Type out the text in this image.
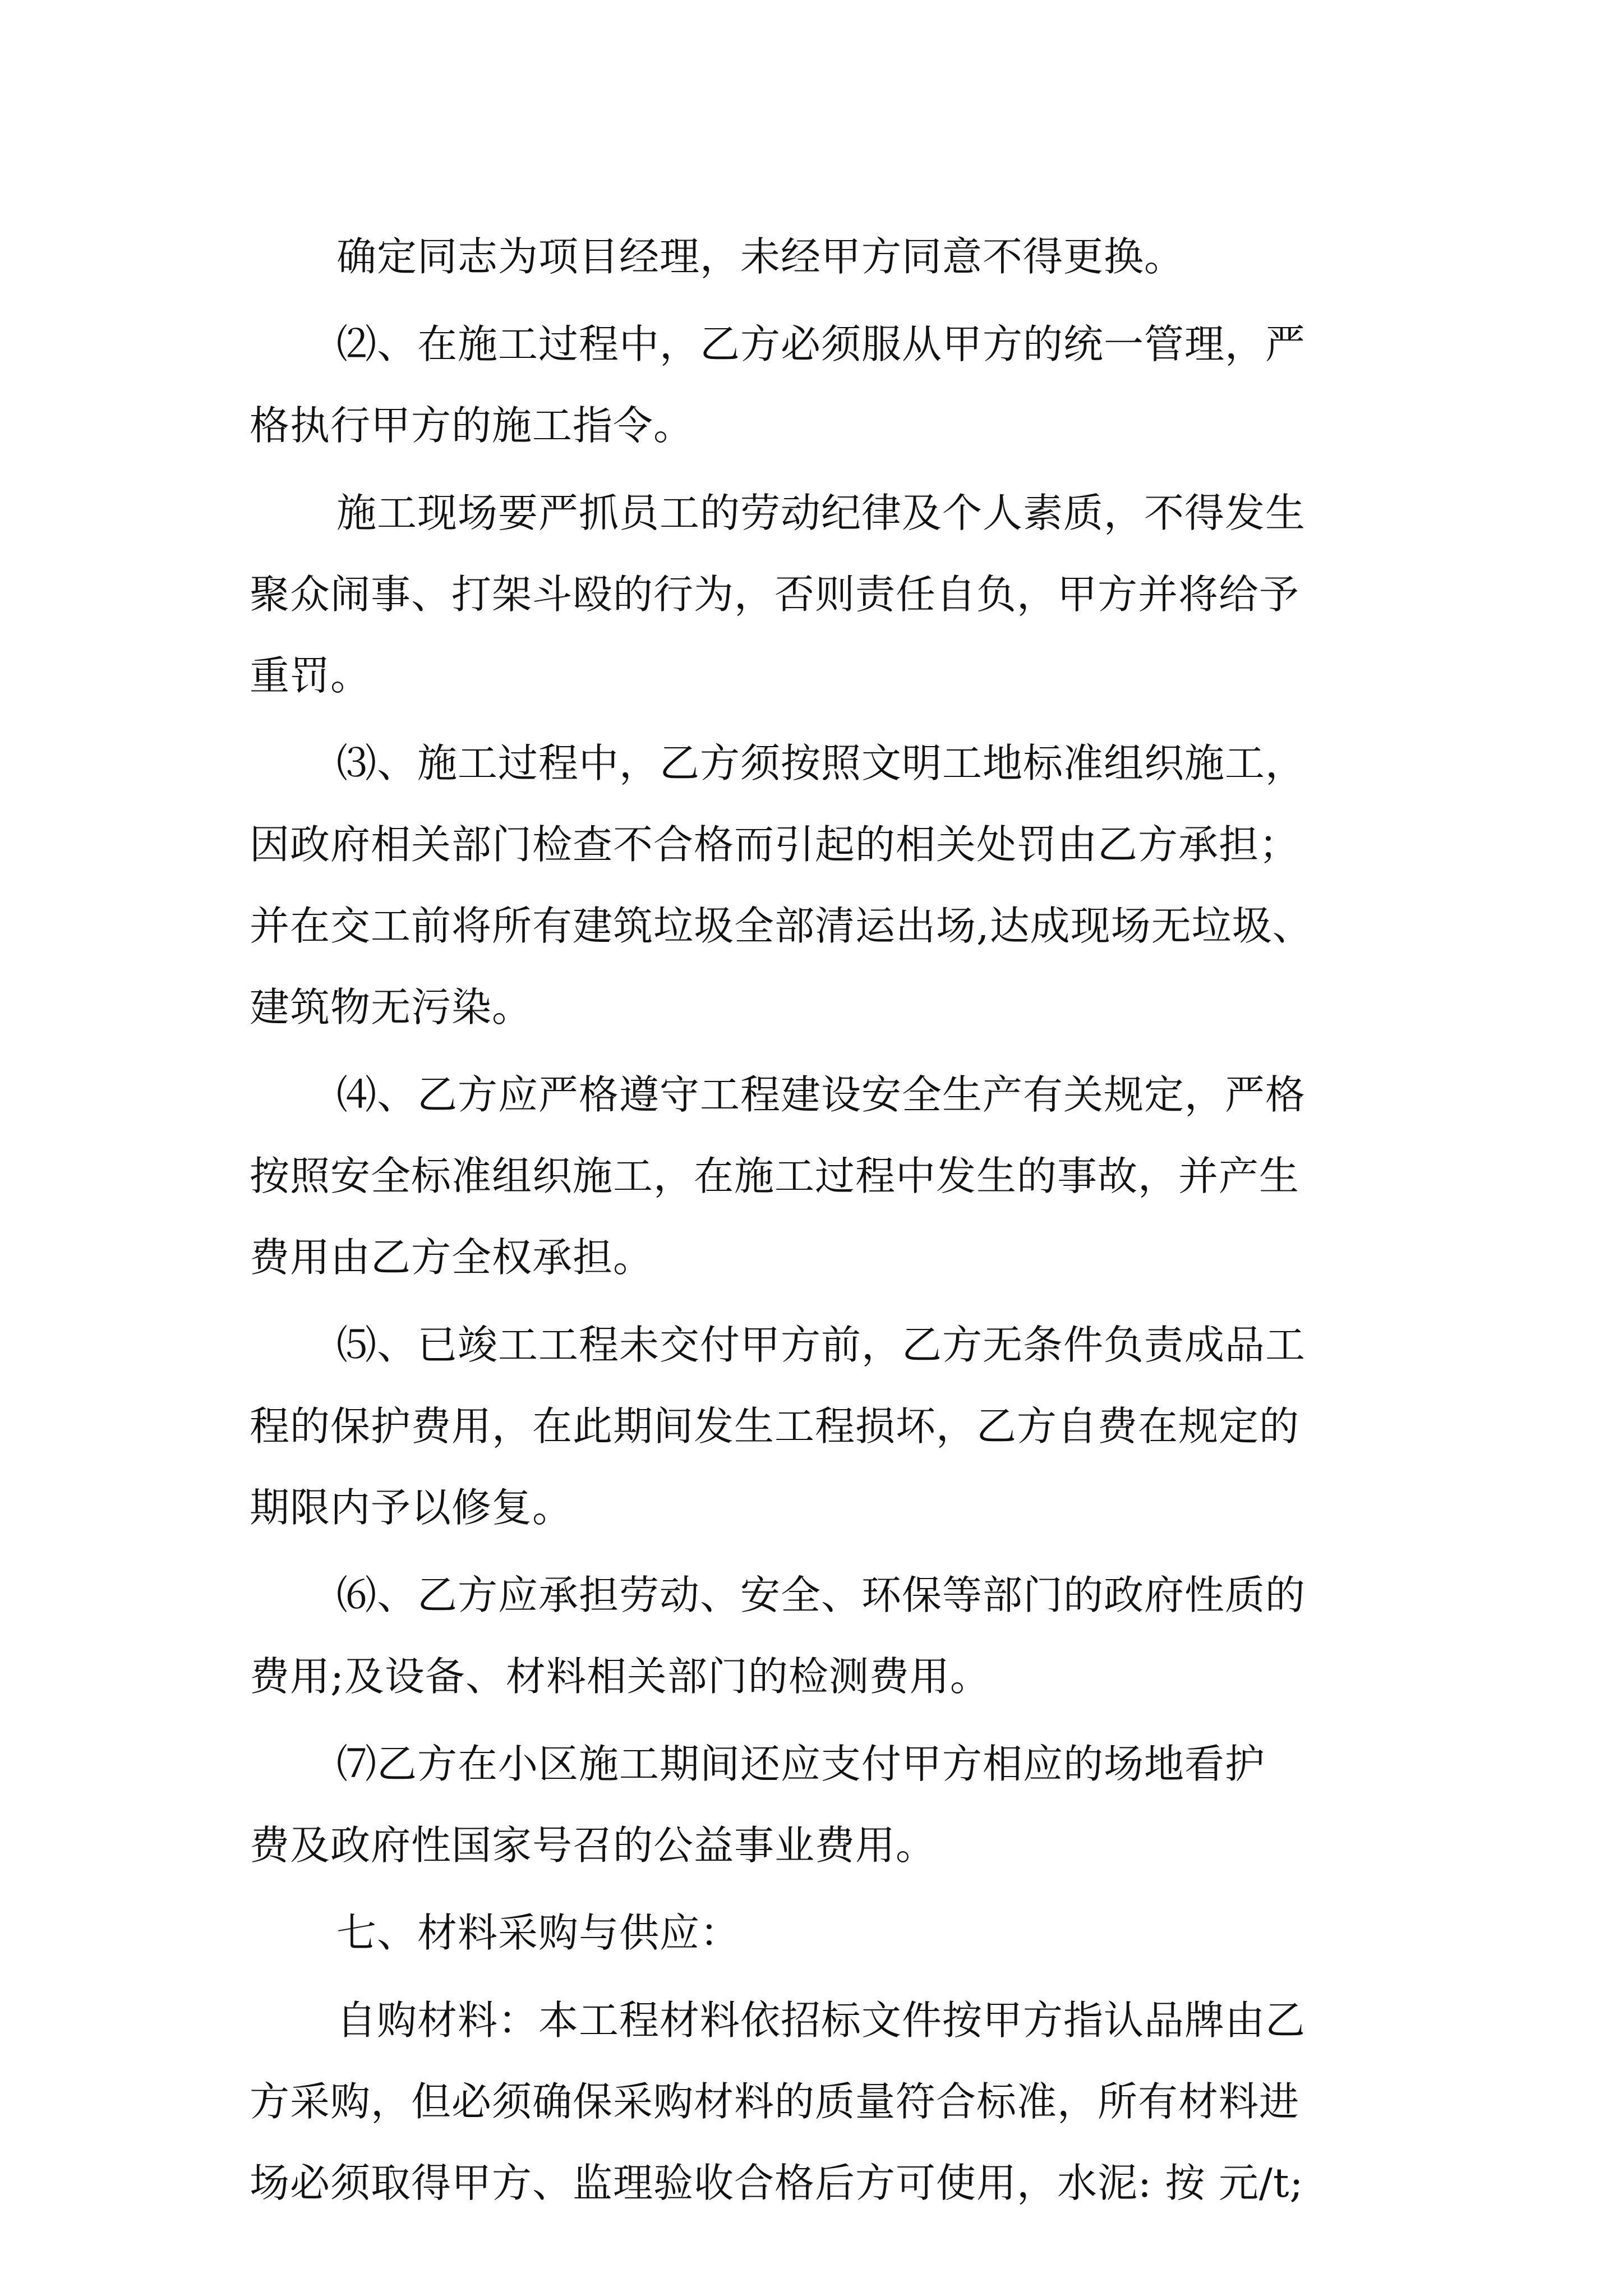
确定同志为项目经理，未经甲方同意不得更换。

⑵、在施工过程中，乙方必须服从甲方的统一管理，严
格执行甲方的施工指令。

施工现场要严抓员工的劳动纪律及个人素质，不得发生
聚众闹事、打架斗殴的行为，否则责任自负，甲方并将给予
重罚。

⑶、施工过程中，乙方须按照文明工地标准组织施工，
因政府相关部门检查不合格而引起的相关处罚由乙方承担；
并在交工前将所有建筑垃圾全部清运出场,达成现场无垃圾、
建筑物无污染。

⑷、乙方应严格遵守工程建设安全生产有关规定，严格
按照安全标准组织施工，在施工过程中发生的事故，并产生
费用由乙方全权承担。

⑸、已竣工工程未交付甲方前，乙方无条件负责成品工
程的保护费用，在此期间发生工程损坏，乙方自费在规定的
期限内予以修复。

⑹、乙方应承担劳动、安全、环保等部门的政府性质的
费用;及设备、材料相关部门的检测费用。

⑺乙方在小区施工期间还应支付甲方相应的场地看护
费及政府性国家号召的公益事业费用。

七、材料采购与供应：

自购材料：本工程材料依招标文件按甲方指认品牌由乙
方采购，但必须确保采购材料的质量符合标准，所有材料进
场必须取得甲方、监理验收合格后方可使用，水泥: 按 元/t;
